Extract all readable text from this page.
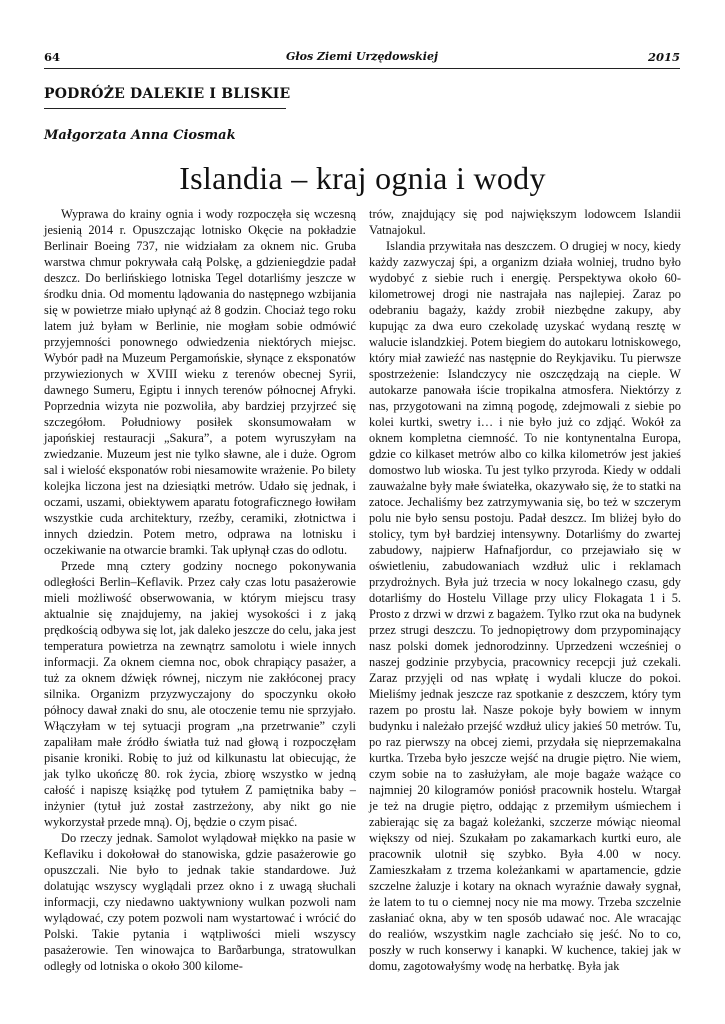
Głos Ziemi Urzędowskiej
64	2015
PODRÓŻE DALEKIE I BLISKIE
Małgorzata Anna Ciosmak
Islandia – kraj ognia i wody

Wyprawa do krainy ognia i wody rozpoczęła się wczesną jesienią 2014 r. Opuszczając lotnisko Okęcie na pokładzie Berlinair Boeing 737, nie widziałam za oknem nic. Gruba warstwa chmur pokrywała całą Polskę, a gdzieniegdzie padał deszcz. Do berlińskiego lotniska Tegel dotarliśmy jeszcze w środku dnia. Od momentu lądowania do następnego wzbijania się w powietrze miało upłynąć aż 8 godzin. Chociaż tego roku latem już byłam w Berlinie, nie mogłam sobie odmówić przyjemności ponownego odwiedzenia niektórych miejsc. Wybór padł na Muzeum Pergamońskie, słynące z eksponatów przywiezionych w XVIII wieku z terenów obecnej Syrii, dawnego Sumeru, Egiptu i innych terenów północnej Afryki. Poprzednia wizyta nie pozwoliła, aby bardziej przyjrzeć się szczegółom. Południowy posiłek skonsumowałam w japońskiej restauracji „Sakura”, a potem wyruszyłam na zwiedzanie. Muzeum jest nie tylko sławne, ale i duże. Ogrom sal i wielość eksponatów robi niesamowite wrażenie. Po bilety kolejka liczona jest na dziesiątki metrów. Udało się jednak, i oczami, uszami, obiektywem aparatu fotograficznego łowiłam wszystkie cuda architektury, rzeźby, ceramiki, złotnictwa i innych dziedzin. Potem metro, odprawa na lotnisku i oczekiwanie na otwarcie bramki. Tak upłynął czas do odlotu.

Przede mną cztery godziny nocnego pokonywania odległości Berlin–Keflavik. Przez cały czas lotu pasażerowie mieli możliwość obserwowania, w którym miejscu trasy aktualnie się znajdujemy, na jakiej wysokości i z jaką prędkością odbywa się lot, jak daleko jeszcze do celu, jaka jest temperatura powietrza na zewnątrz samolotu i wiele innych informacji. Za oknem ciemna noc, obok chrapiący pasażer, a tuż za oknem dźwięk równej, niczym nie zakłóconej pracy silnika. Organizm przyzwyczajony do spoczynku około północy dawał znaki do snu, ale otoczenie temu nie sprzyjało. Włączyłam w tej sytuacji program „na przetrwanie” czyli zapaliłam małe źródło światła tuż nad głową i rozpoczęłam pisanie kroniki. Robię to już od kilkunastu lat obiecując, że jak tylko ukończę 80. rok życia, zbiorę wszystko w jedną całość i napiszę książkę pod tytułem Z pamiętnika baby – inżynier (tytuł już został zastrzeżony, aby nikt go nie wykorzystał przede mną). Oj, będzie o czym pisać.

Do rzeczy jednak. Samolot wylądował miękko na pasie w Keflaviku i dokołował do stanowiska, gdzie pasażerowie go opuszczali. Nie było to jednak takie standardowe. Już dolatując wszyscy wyglądali przez okno i z uwagą słuchali informacji, czy niedawno uaktywniony wulkan pozwoli nam wylądować, czy potem pozwoli nam wystartować i wrócić do Polski. Takie pytania i wątpliwości mieli wszyscy pasażerowie. Ten winowajca to Barðarbunga, stratowulkan odległy od lotniska o około 300 kilome-

trów, znajdujący się pod największym lodowcem Islandii Vatnajokul.

Islandia przywitała nas deszczem. O drugiej w nocy, kiedy każdy zazwyczaj śpi, a organizm działa wolniej, trudno było wydobyć z siebie ruch i energię. Perspektywa około 60-kilometrowej drogi nie nastrajała nas najlepiej. Zaraz po odebraniu bagaży, każdy zrobił niezbędne zakupy, aby kupując za dwa euro czekoladę uzyskać wydaną resztę w walucie islandzkiej. Potem biegiem do autokaru lotniskowego, który miał zawieźć nas następnie do Reykjaviku. Tu pierwsze spostrzeżenie: Islandczycy nie oszczędzają na cieple. W autokarze panowała iście tropikalna atmosfera. Niektórzy z nas, przygotowani na zimną pogodę, zdejmowali z siebie po kolei kurtki, swetry i… i nie było już co zdjąć. Wokół za oknem kompletna ciemność. To nie kontynentalna Europa, gdzie co kilkaset metrów albo co kilka kilometrów jest jakieś domostwo lub wioska. Tu jest tylko przyroda. Kiedy w oddali zauważalne były małe światełka, okazywało się, że to statki na zatoce. Jechaliśmy bez zatrzymywania się, bo też w szczerym polu nie było sensu postoju. Padał deszcz. Im bliżej było do stolicy, tym był bardziej intensywny. Dotarliśmy do zwartej zabudowy, najpierw Hafnafjordur, co przejawiało się w oświetleniu, zabudowaniach wzdłuż ulic i reklamach przydrożnych. Była już trzecia w nocy lokalnego czasu, gdy dotarliśmy do Hostelu Village przy ulicy Flokagata 1 i 5. Prosto z drzwi w drzwi z bagażem. Tylko rzut oka na budynek przez strugi deszczu. To jednopiętrowy dom przypominający nasz polski domek jednorodzinny. Uprzedzeni wcześniej o naszej godzinie przybycia, pracownicy recepcji już czekali. Zaraz przyjęli od nas wpłatę i wydali klucze do pokoi. Mieliśmy jednak jeszcze raz spotkanie z deszczem, który tym razem po prostu lał. Nasze pokoje były bowiem w innym budynku i należało przejść wzdłuż ulicy jakieś 50 metrów. Tu, po raz pierwszy na obcej ziemi, przydała się nieprzemakalna kurtka. Trzeba było jeszcze wejść na drugie piętro. Nie wiem, czym sobie na to zasłużyłam, ale moje bagaże ważące co najmniej 20 kilogramów poniósł pracownik hostelu. Wtargał je też na drugie piętro, oddając z przemiłym uśmiechem i zabierając się za bagaż koleżanki, szczerze mówiąc nieomal większy od niej. Szukałam po zakamarkach kurtki euro, ale pracownik ulotnił się szybko. Była 4.00 w nocy. Zamieszkałam z trzema koleżankami w apartamencie, gdzie szczelne żaluzje i kotary na oknach wyraźnie dawały sygnał, że latem to tu o ciemnej nocy nie ma mowy. Trzeba szczelnie zasłaniać okna, aby w ten sposób udawać noc. Ale wracając do realiów, wszystkim nagle zachciało się jeść. No to co, poszły w ruch konserwy i kanapki. W kuchence, takiej jak w domu, zagotowałyśmy wodę na herbatkę. Była jak
